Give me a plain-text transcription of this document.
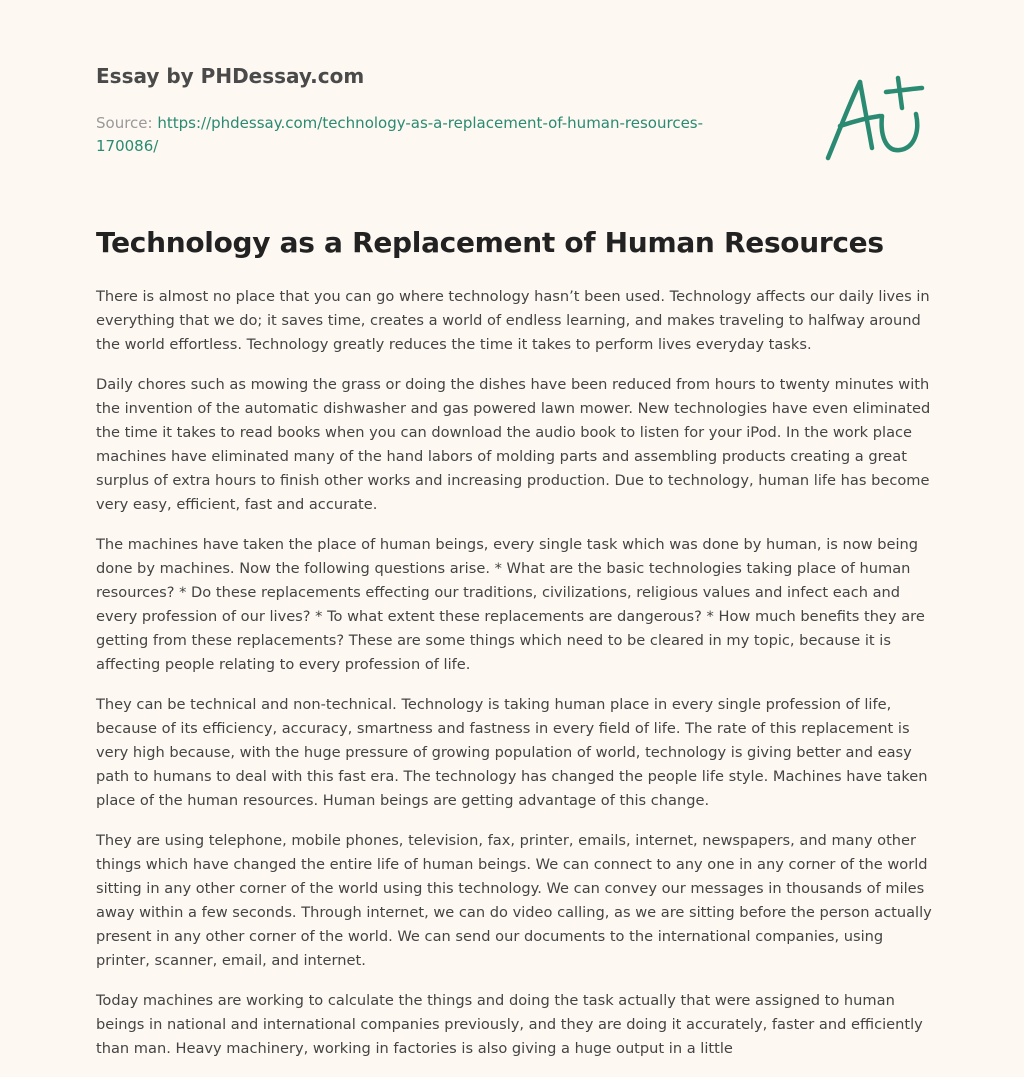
Essay by PHDessay.com
Source: https://phdessay.com/technology-as-a-replacement-of-human-resources-
170086/
Technology as a Replacement of Human Resources

There is almost no place that you can go where technology hasn’t been used. Technology affects our daily lives in everything that we do; it saves time, creates a world of endless learning, and makes traveling to halfway around the world effortless. Technology greatly reduces the time it takes to perform lives everyday tasks.

Daily chores such as mowing the grass or doing the dishes have been reduced from hours to twenty minutes with the invention of the automatic dishwasher and gas powered lawn mower. New technologies have even eliminated the time it takes to read books when you can download the audio book to listen for your iPod. In the work place machines have eliminated many of the hand labors of molding parts and assembling products creating a great surplus of extra hours to finish other works and increasing production. Due to technology, human life has become very easy, efficient, fast and accurate.

The machines have taken the place of human beings, every single task which was done by human, is now being done by machines. Now the following questions arise. * What are the basic technologies taking place of human resources? * Do these replacements effecting our traditions, civilizations, religious values and infect each and every profession of our lives? * To what extent these replacements are dangerous? * How much benefits they are getting from these replacements? These are some things which need to be cleared in my topic, because it is affecting people relating to every profession of life.

They can be technical and non-technical. Technology is taking human place in every single profession of life, because of its efficiency, accuracy, smartness and fastness in every field of life. The rate of this replacement is very high because, with the huge pressure of growing population of world, technology is giving better and easy path to humans to deal with this fast era. The technology has changed the people life style. Machines have taken place of the human resources. Human beings are getting advantage of this change.

They are using telephone, mobile phones, television, fax, printer, emails, internet, newspapers, and many other things which have changed the entire life of human beings. We can connect to any one in any corner of the world sitting in any other corner of the world using this technology. We can convey our messages in thousands of miles away within a few seconds. Through internet, we can do video calling, as we are sitting before the person actually present in any other corner of the world. We can send our documents to the international companies, using printer, scanner, email, and internet.

Today machines are working to calculate the things and doing the task actually that were assigned to human beings in national and international companies previously, and they are doing it accurately, faster and efficiently than man. Heavy machinery, working in factories is also giving a huge output in a little
